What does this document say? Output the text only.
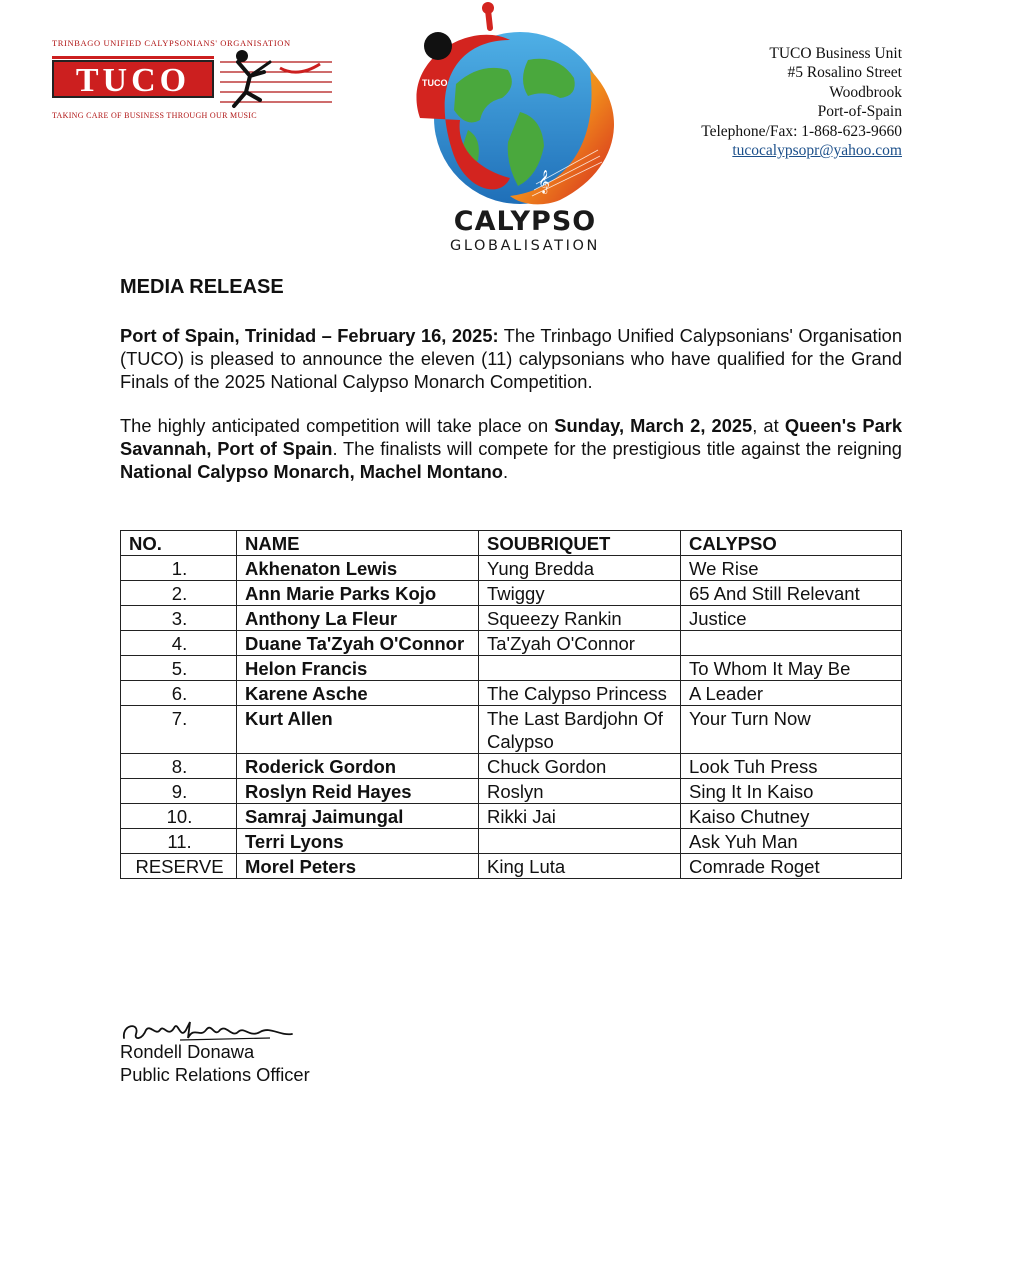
TRINBAGO UNIFIED CALYPSONIANS' ORGANISATION
TUCO
TAKING CARE OF BUSINESS THROUGH OUR MUSIC
TUCO
𝄞
CALYPSO
GLOBALISATION
TUCO Business Unit
#5 Rosalino Street
Woodbrook
Port-of-Spain
Telephone/Fax: 1-868-623-9660
tucocalypsopr@yahoo.com
MEDIA RELEASE
Port of Spain, Trinidad – February 16, 2025: The Trinbago Unified Calypsonians' Organisation (TUCO) is pleased to announce the eleven (11) calypsonians who have qualified for the Grand Finals of the 2025 National Calypso Monarch Competition.
The highly anticipated competition will take place on Sunday, March 2, 2025, at Queen's Park Savannah, Port of Spain. The finalists will compete for the prestigious title against the reigning National Calypso Monarch, Machel Montano.
NO.	NAME	SOUBRIQUET	CALYPSO
1.	Akhenaton Lewis	Yung Bredda	We Rise
2.	Ann Marie Parks Kojo	Twiggy	65 And Still Relevant
3.	Anthony La Fleur	Squeezy Rankin	Justice
4.	Duane Ta'Zyah O'Connor	Ta'Zyah O'Connor	
5.	Helon Francis		To Whom It May Be
6.	Karene Asche	The Calypso Princess	A Leader
7.	Kurt Allen	The Last Bardjohn Of Calypso	Your Turn Now
8.	Roderick Gordon	Chuck Gordon	Look Tuh Press
9.	Roslyn Reid Hayes	Roslyn	Sing It In Kaiso
10.	Samraj Jaimungal	Rikki Jai	Kaiso Chutney
11.	Terri Lyons		Ask Yuh Man
RESERVE	Morel Peters	King Luta	Comrade Roget
Rondell Donawa
Public Relations Officer
